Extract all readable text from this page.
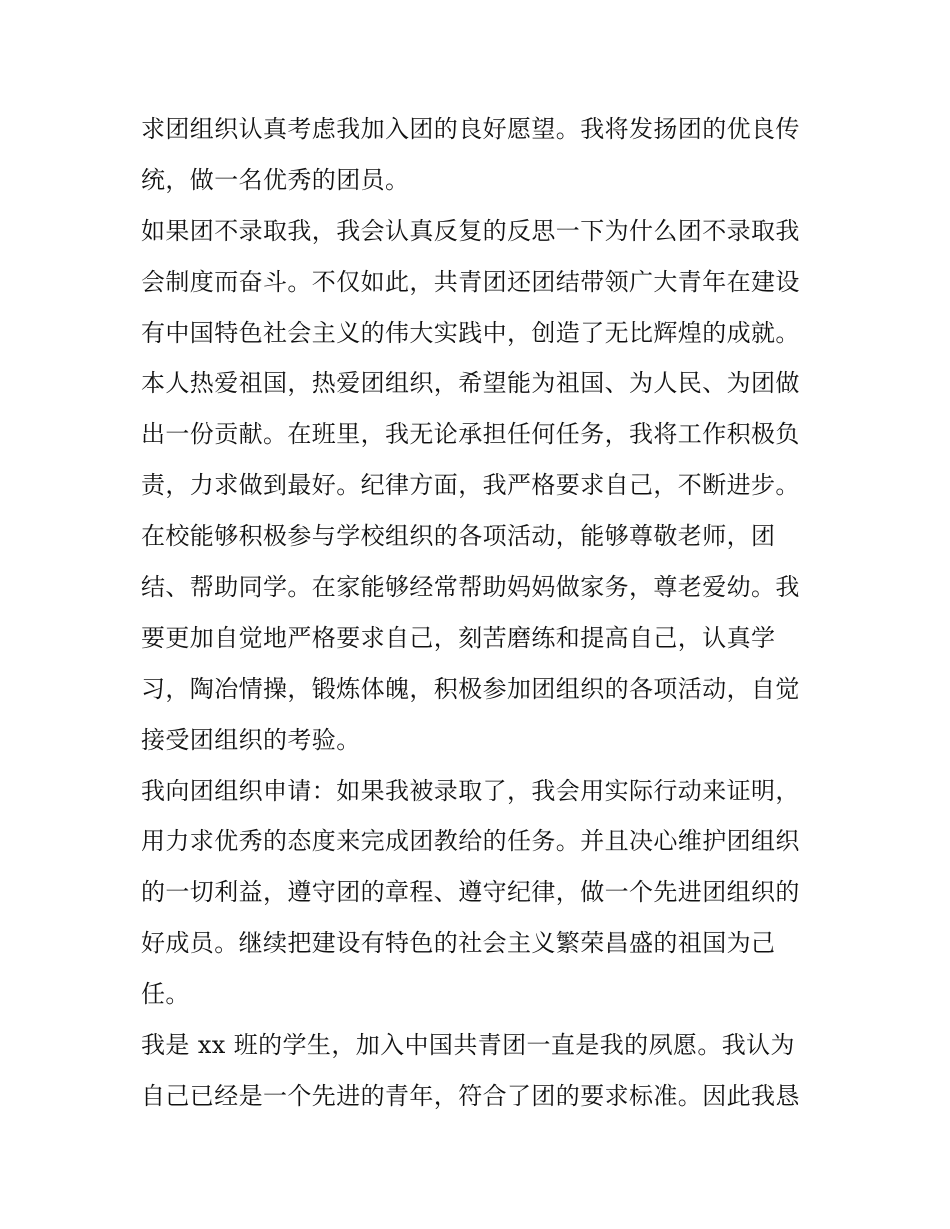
求团组织认真考虑我加入团的良好愿望。我将发扬团的优良传
统，做一名优秀的团员。
如果团不录取我，我会认真反复的反思一下为什么团不录取我
会制度而奋斗。不仅如此，共青团还团结带领广大青年在建设
有中国特色社会主义的伟大实践中，创造了无比辉煌的成就。
本人热爱祖国，热爱团组织，希望能为祖国、为人民、为团做
出一份贡献。在班里，我无论承担任何任务，我将工作积极负
责，力求做到最好。纪律方面，我严格要求自己，不断进步。
在校能够积极参与学校组织的各项活动，能够尊敬老师，团
结、帮助同学。在家能够经常帮助妈妈做家务，尊老爱幼。我
要更加自觉地严格要求自己，刻苦磨练和提高自己，认真学
习，陶冶情操，锻炼体魄，积极参加团组织的各项活动，自觉
接受团组织的考验。
我向团组织申请：如果我被录取了，我会用实际行动来证明，
用力求优秀的态度来完成团教给的任务。并且决心维护团组织
的一切利益，遵守团的章程、遵守纪律，做一个先进团组织的
好成员。继续把建设有特色的社会主义繁荣昌盛的祖国为己
任。
我是 xx 班的学生，加入中国共青团一直是我的夙愿。我认为
自己已经是一个先进的青年，符合了团的要求标准。因此我恳
